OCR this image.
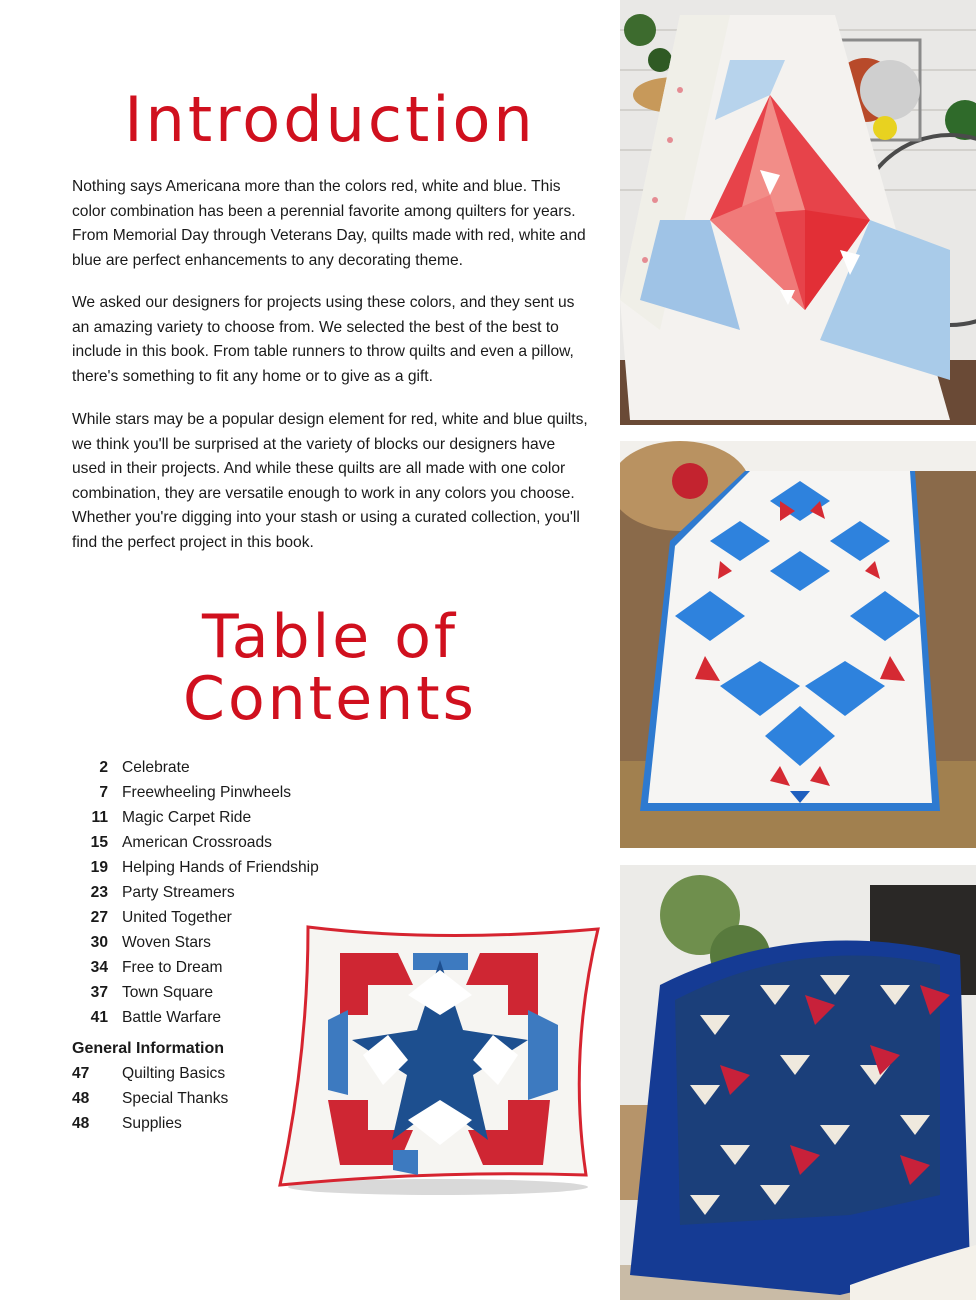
Introduction

Nothing says Americana more than the colors red, white and blue. This color combination has been a perennial favorite among quilters for years. From Memorial Day through Veterans Day, quilts made with red, white and blue are perfect enhancements to any decorating theme.

We asked our designers for projects using these colors, and they sent us an amazing variety to choose from. We selected the best of the best to include in this book. From table runners to throw quilts and even a pillow, there's something to fit any home or to give as a gift.

While stars may be a popular design element for red, white and blue quilts, we think you'll be surprised at the variety of blocks our designers have used in their projects. And while these quilts are all made with one color combination, they are versatile enough to work in any colors you choose. Whether you're digging into your stash or using a curated collection, you'll find the perfect project in this book.

Table of
Contents
2 Celebrate
7 Freewheeling Pinwheels
11 Magic Carpet Ride
15 American Crossroads
19 Helping Hands of Friendship
23 Party Streamers
27 United Together
30 Woven Stars
34 Free to Dream
37 Town Square
41 Battle Warfare
General Information
47	Quilting Basics
48	Special Thanks
48	Supplies
